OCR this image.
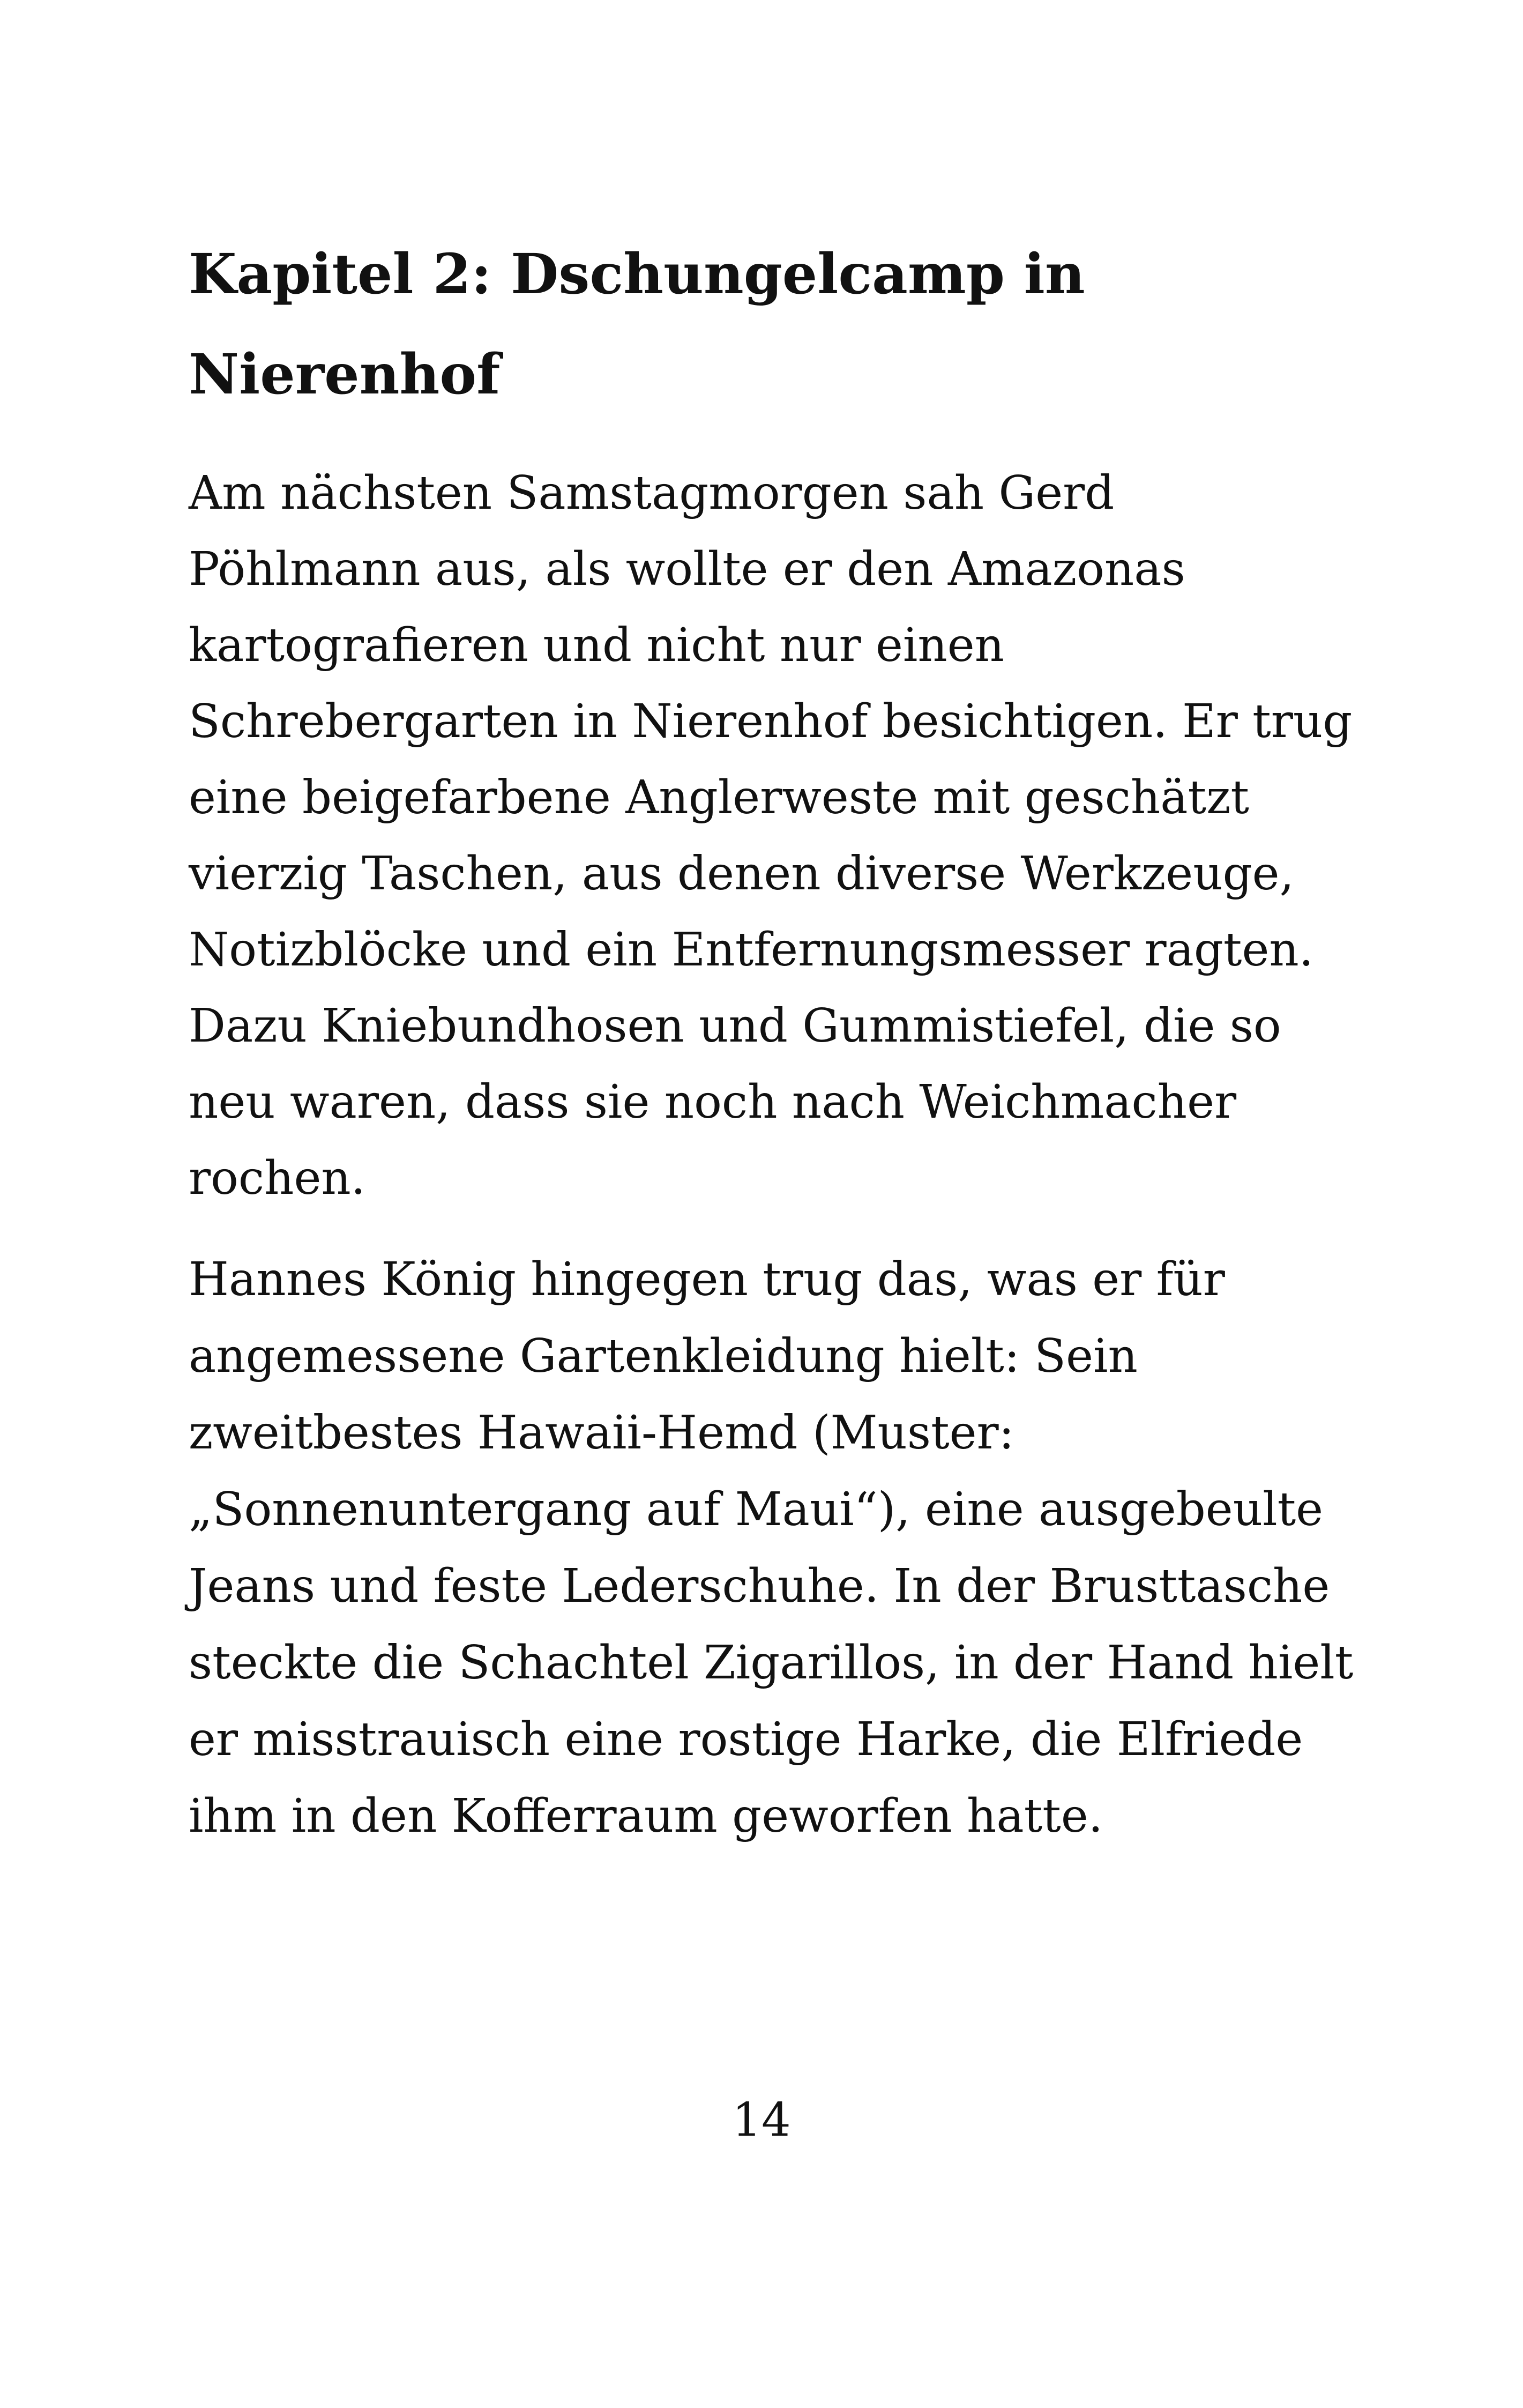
Kapitel 2: Dschungelcamp in
Nierenhof
Am nächsten Samstagmorgen sah Gerd
Pöhlmann aus, als wollte er den Amazonas
kartografieren und nicht nur einen
Schrebergarten in Nierenhof besichtigen. Er trug
eine beigefarbene Anglerweste mit geschätzt
vierzig Taschen, aus denen diverse Werkzeuge,
Notizblöcke und ein Entfernungsmesser ragten.
Dazu Kniebundhosen und Gummistiefel, die so
neu waren, dass sie noch nach Weichmacher
rochen.
Hannes König hingegen trug das, was er für
angemessene Gartenkleidung hielt: Sein
zweitbestes Hawaii-Hemd (Muster:
„Sonnenuntergang auf Maui“), eine ausgebeulte
Jeans und feste Lederschuhe. In der Brusttasche
steckte die Schachtel Zigarillos, in der Hand hielt
er misstrauisch eine rostige Harke, die Elfriede
ihm in den Kofferraum geworfen hatte.
14
